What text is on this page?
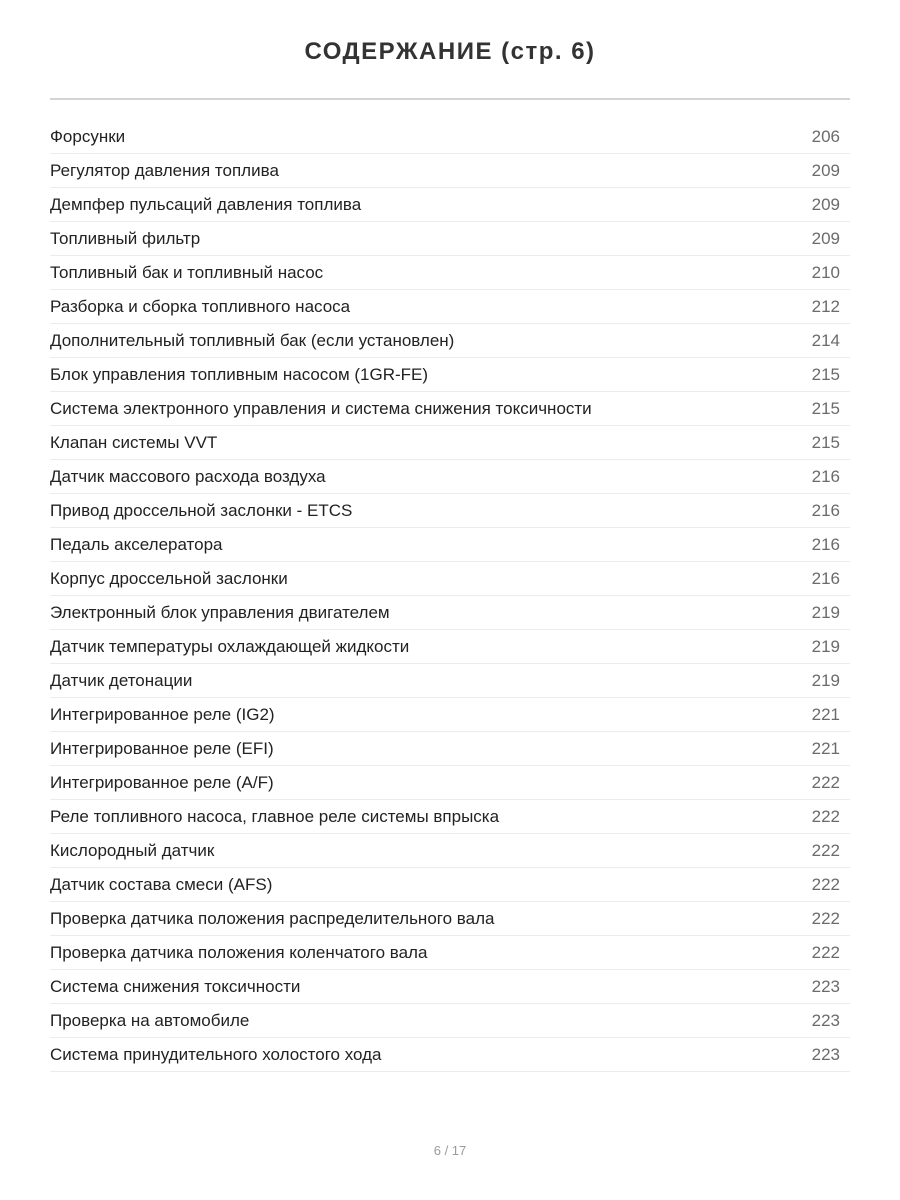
СОДЕРЖАНИЕ (стр. 6)
Форсунки	206
Регулятор давления топлива	209
Демпфер пульсаций давления топлива	209
Топливный фильтр	209
Топливный бак и топливный насос	210
Разборка и сборка топливного насоса	212
Дополнительный топливный бак (если установлен)	214
Блок управления топливным насосом (1GR-FE)	215
Система электронного управления и система снижения токсичности	215
Клапан системы VVT	215
Датчик массового расхода воздуха	216
Привод дроссельной заслонки - ETCS	216
Педаль акселератора	216
Корпус дроссельной заслонки	216
Электронный блок управления двигателем	219
Датчик температуры охлаждающей жидкости	219
Датчик детонации	219
Интегрированное реле (IG2)	221
Интегрированное реле (EFI)	221
Интегрированное реле (A/F)	222
Реле топливного насоса, главное реле системы впрыска	222
Кислородный датчик	222
Датчик состава смеси (AFS)	222
Проверка датчика положения распределительного вала	222
Проверка датчика положения коленчатого вала	222
Система снижения токсичности	223
Проверка на автомобиле	223
Система принудительного холостого хода	223
6 / 17
